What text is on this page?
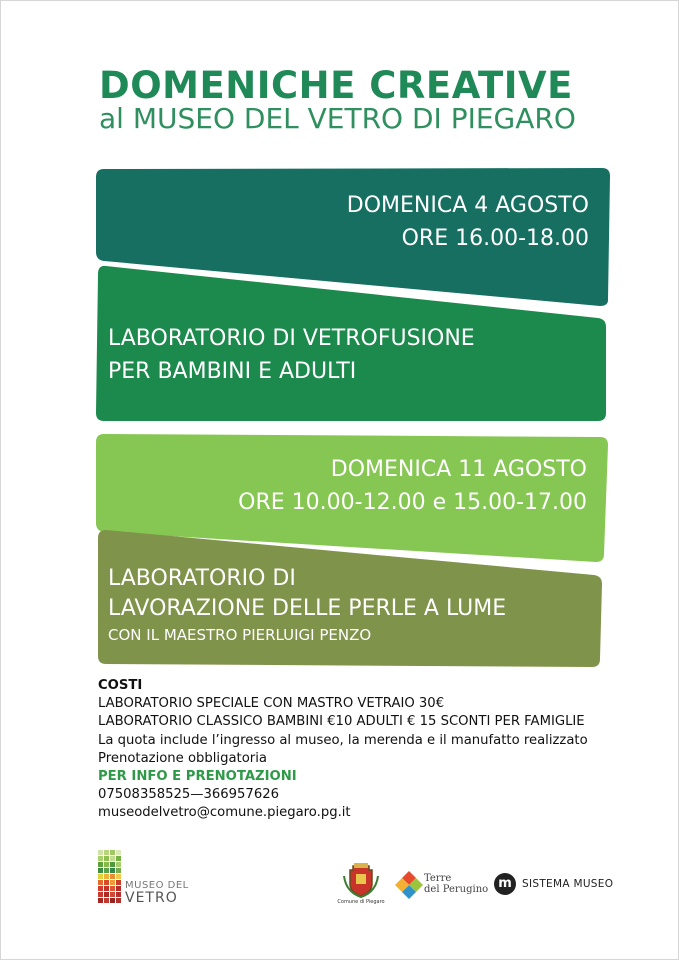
DOMENICHE CREATIVE
al MUSEO DEL VETRO DI PIEGARO
DOMENICA 4 AGOSTO
ORE 16.00-18.00
LABORATORIO DI VETROFUSIONE
PER BAMBINI E ADULTI
DOMENICA 11 AGOSTO
ORE 10.00-12.00 e 15.00-17.00
LABORATORIO DI
LAVORAZIONE DELLE PERLE A LUME
CON IL MAESTRO PIERLUIGI PENZO
COSTI
LABORATORIO SPECIALE CON MASTRO VETRAIO 30€
LABORATORIO CLASSICO BAMBINI €10 ADULTI € 15 SCONTI PER FAMIGLIE
La quota include l’ingresso al museo, la merenda e il manufatto realizzato
Prenotazione obbligatoria
PER INFO E PRENOTAZIONI
07508358525—366957626
museodelvetro@comune.piegaro.pg.it
MUSEO DEL
VETRO	Comune di Piegaro
Terre
del Perugino m SISTEMA MUSEO
